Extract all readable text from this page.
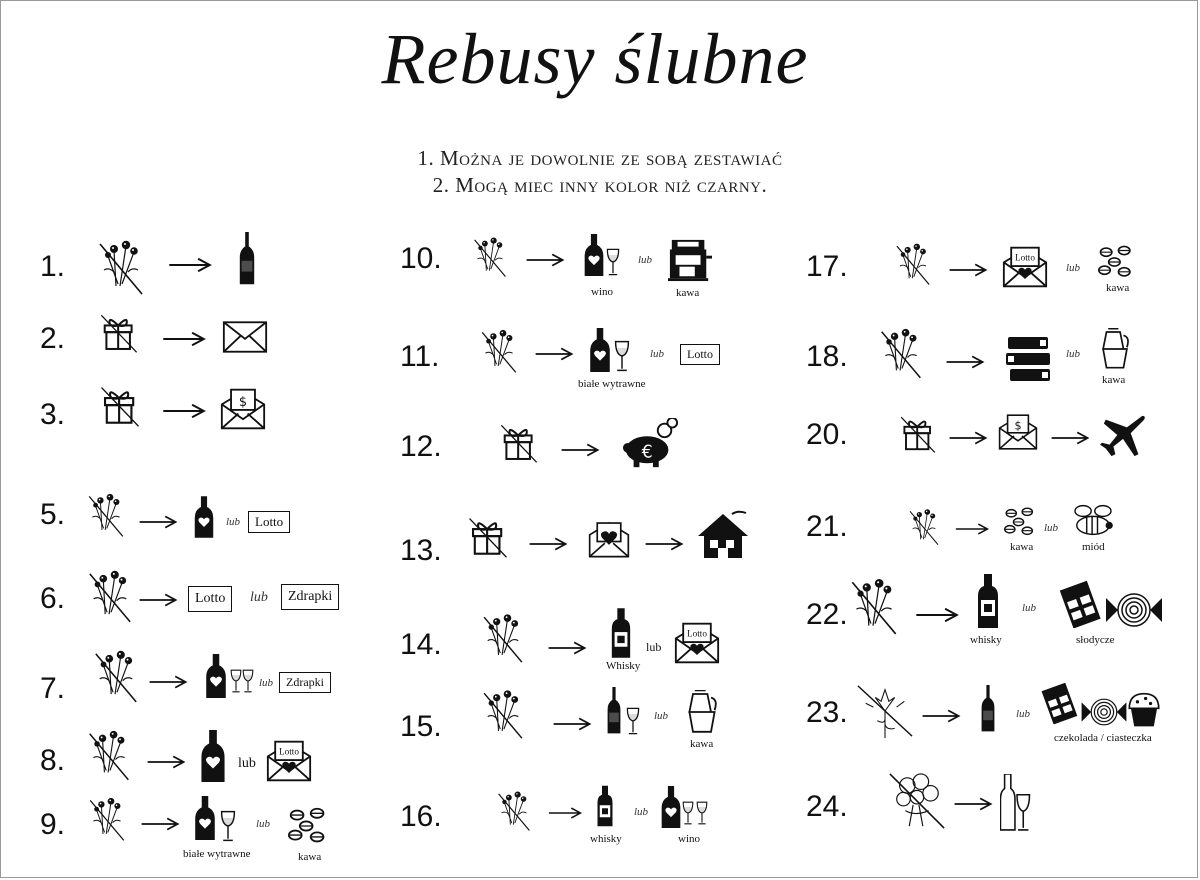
Rebusy ślubne
1. Można je dowolnie ze sobą zestawiać
2. Mogą miec inny kolor niż czarny.
1.
2.
3.
5.	lub	Lotto
6.	Lotto	lub	Zdrapki
7.	lub	Zdrapki
8.	lub
9.
białe wytrawne
lub
kawa
10.
wino
lub
kawa
11.
białe wytrawne
lub	Lotto
12.
13.
14.
Whisky
lub
15.	lub
kawa
16.
whisky
lub
wino
17.	lub
kawa
18.	lub
kawa
20.
21.
kawa
lub
miód
22.
whisky
lub
słodycze
23.	lub
czekolada / ciasteczka
24.
